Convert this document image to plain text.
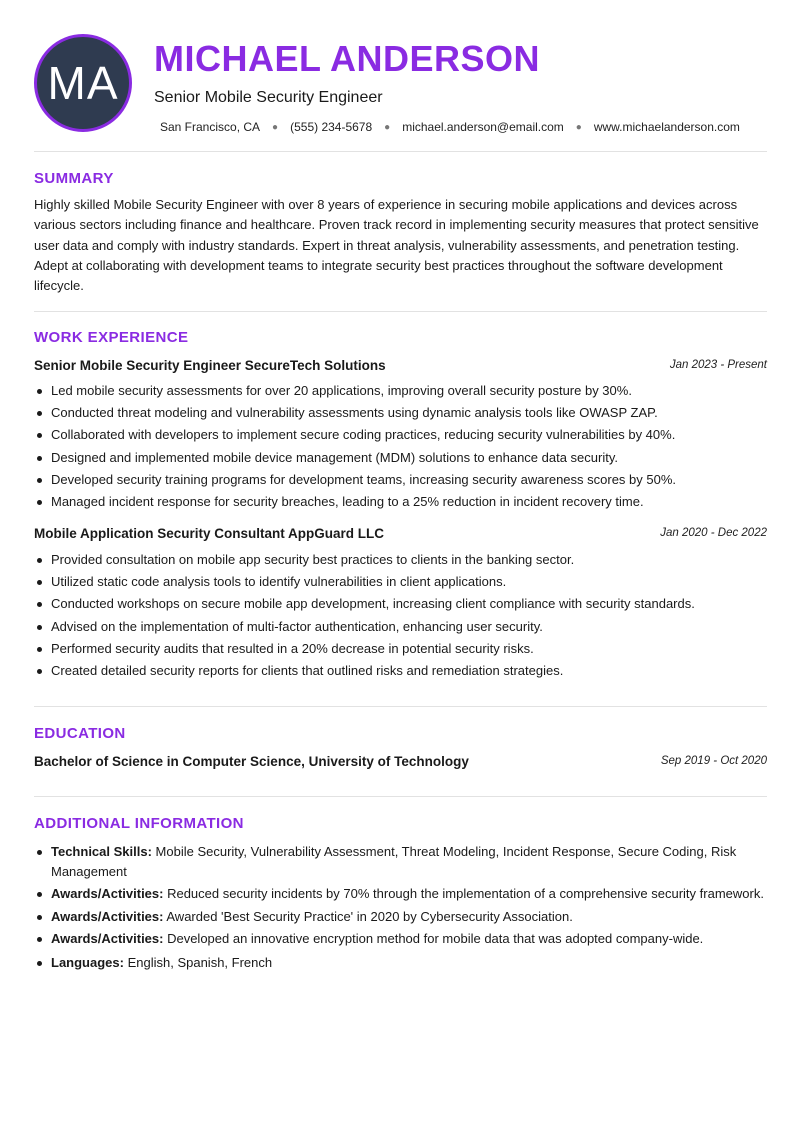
MA MICHAEL ANDERSON
Senior Mobile Security Engineer
San Francisco, CA ● (555) 234-5678 ● michael.anderson@email.com ● www.michaelanderson.com
SUMMARY
Highly skilled Mobile Security Engineer with over 8 years of experience in securing mobile applications and devices across various sectors including finance and healthcare. Proven track record in implementing security measures that protect sensitive user data and comply with industry standards. Expert in threat analysis, vulnerability assessments, and penetration testing. Adept at collaborating with development teams to integrate security best practices throughout the software development lifecycle.
WORK EXPERIENCE
Senior Mobile Security Engineer SecureTech Solutions	Jan 2023 - Present
Led mobile security assessments for over 20 applications, improving overall security posture by 30%.
Conducted threat modeling and vulnerability assessments using dynamic analysis tools like OWASP ZAP.
Collaborated with developers to implement secure coding practices, reducing security vulnerabilities by 40%.
Designed and implemented mobile device management (MDM) solutions to enhance data security.
Developed security training programs for development teams, increasing security awareness scores by 50%.
Managed incident response for security breaches, leading to a 25% reduction in incident recovery time.
Mobile Application Security Consultant AppGuard LLC	Jan 2020 - Dec 2022
Provided consultation on mobile app security best practices to clients in the banking sector.
Utilized static code analysis tools to identify vulnerabilities in client applications.
Conducted workshops on secure mobile app development, increasing client compliance with security standards.
Advised on the implementation of multi-factor authentication, enhancing user security.
Performed security audits that resulted in a 20% decrease in potential security risks.
Created detailed security reports for clients that outlined risks and remediation strategies.
EDUCATION
Bachelor of Science in Computer Science, University of Technology	Sep 2019 - Oct 2020
ADDITIONAL INFORMATION
Technical Skills: Mobile Security, Vulnerability Assessment, Threat Modeling, Incident Response, Secure Coding, Risk Management
Awards/Activities: Reduced security incidents by 70% through the implementation of a comprehensive security framework.
Awards/Activities: Awarded 'Best Security Practice' in 2020 by Cybersecurity Association.
Awards/Activities: Developed an innovative encryption method for mobile data that was adopted company-wide.
Languages: English, Spanish, French
